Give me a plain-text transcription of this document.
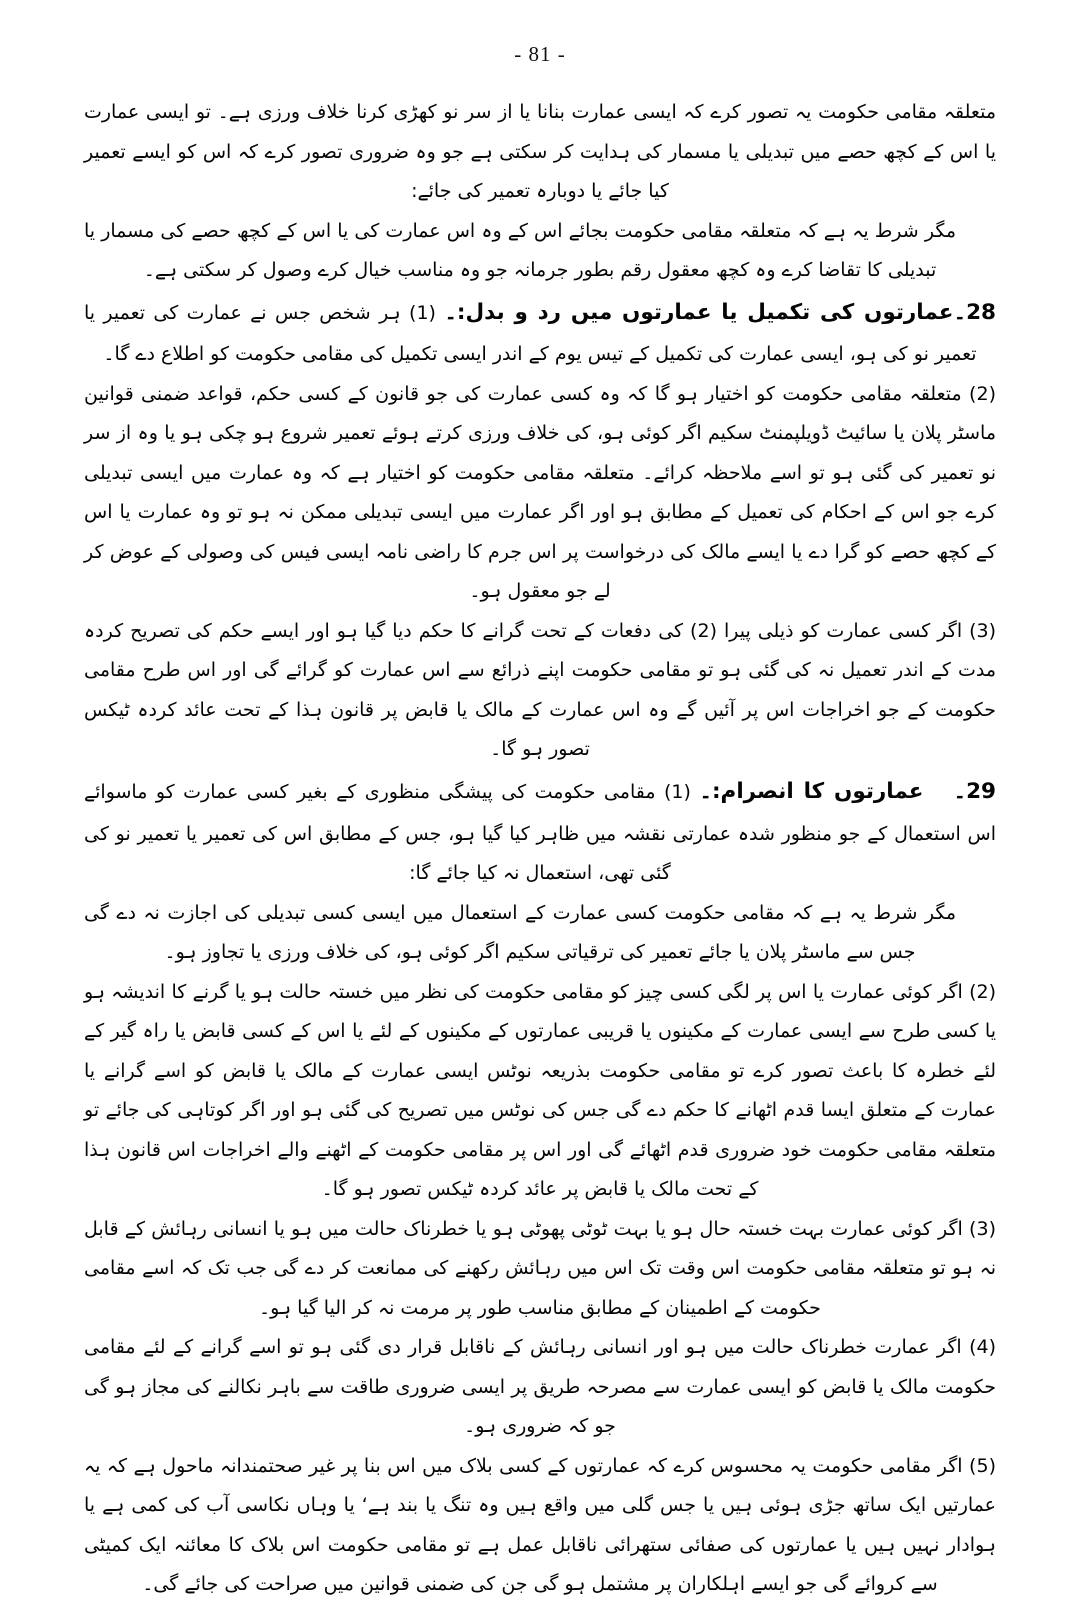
- 81 -

متعلقہ مقامی حکومت یہ تصور کرے کہ ایسی عمارت بنانا یا از سر نو کھڑی کرنا خلاف ورزی ہے۔ تو ایسی عمارت یا اس کے کچھ حصے میں تبدیلی یا مسمار کی ہدایت کر سکتی ہے جو وہ ضروری تصور کرے کہ اس کو ایسے تعمیر کیا جائے یا دوبارہ تعمیر کی جائے:

مگر شرط یہ ہے کہ متعلقہ مقامی حکومت بجائے اس کے وہ اس عمارت کی یا اس کے کچھ حصے کی مسمار یا تبدیلی کا تقاضا کرے وہ کچھ معقول رقم بطور جرمانہ جو وہ مناسب خیال کرے وصول کر سکتی ہے۔

28۔عمارتوں کی تکمیل یا عمارتوں میں رد و بدل:۔ (1) ہر شخص جس نے عمارت کی تعمیر یا تعمیر نو کی ہو، ایسی عمارت کی تکمیل کے تیس یوم کے اندر ایسی تکمیل کی مقامی حکومت کو اطلاع دے گا۔

(2) متعلقہ مقامی حکومت کو اختیار ہو گا کہ وہ کسی عمارت کی جو قانون کے کسی حکم، قواعد ضمنی قوانین ماسٹر پلان یا سائیٹ ڈویلپمنٹ سکیم اگر کوئی ہو، کی خلاف ورزی کرتے ہوئے تعمیر شروع ہو چکی ہو یا وہ از سر نو تعمیر کی گئی ہو تو اسے ملاحظہ کرائے۔ متعلقہ مقامی حکومت کو اختیار ہے کہ وہ عمارت میں ایسی تبدیلی کرے جو اس کے احکام کی تعمیل کے مطابق ہو اور اگر عمارت میں ایسی تبدیلی ممکن نہ ہو تو وہ عمارت یا اس کے کچھ حصے کو گرا دے یا ایسے مالک کی درخواست پر اس جرم کا راضی نامہ ایسی فیس کی وصولی کے عوض کر لے جو معقول ہو۔

(3) اگر کسی عمارت کو ذیلی پیرا (2) کی دفعات کے تحت گرانے کا حکم دیا گیا ہو اور ایسے حکم کی تصریح کردہ مدت کے اندر تعمیل نہ کی گئی ہو تو مقامی حکومت اپنے ذرائع سے اس عمارت کو گرائے گی اور اس طرح مقامی حکومت کے جو اخراجات اس پر آئیں گے وہ اس عمارت کے مالک یا قابض پر قانون ہذا کے تحت عائد کردہ ٹیکس تصور ہو گا۔

29۔عمارتوں کا انصرام:۔ (1) مقامی حکومت کی پیشگی منظوری کے بغیر کسی عمارت کو ماسوائے اس استعمال کے جو منظور شدہ عمارتی نقشہ میں ظاہر کیا گیا ہو، جس کے مطابق اس کی تعمیر یا تعمیر نو کی گئی تھی، استعمال نہ کیا جائے گا:

مگر شرط یہ ہے کہ مقامی حکومت کسی عمارت کے استعمال میں ایسی کسی تبدیلی کی اجازت نہ دے گی جس سے ماسٹر پلان یا جائے تعمیر کی ترقیاتی سکیم اگر کوئی ہو، کی خلاف ورزی یا تجاوز ہو۔

(2) اگر کوئی عمارت یا اس پر لگی کسی چیز کو مقامی حکومت کی نظر میں خستہ حالت ہو یا گرنے کا اندیشہ ہو یا کسی طرح سے ایسی عمارت کے مکینوں یا قریبی عمارتوں کے مکینوں کے لئے یا اس کے کسی قابض یا راہ گیر کے لئے خطرہ کا باعث تصور کرے تو مقامی حکومت بذریعہ نوٹس ایسی عمارت کے مالک یا قابض کو اسے گرانے یا عمارت کے متعلق ایسا قدم اٹھانے کا حکم دے گی جس کی نوٹس میں تصریح کی گئی ہو اور اگر کوتاہی کی جائے تو متعلقہ مقامی حکومت خود ضروری قدم اٹھائے گی اور اس پر مقامی حکومت کے اٹھنے والے اخراجات اس قانون ہذا کے تحت مالک یا قابض پر عائد کردہ ٹیکس تصور ہو گا۔

(3) اگر کوئی عمارت بہت خستہ حال ہو یا بہت ٹوٹی پھوٹی ہو یا خطرناک حالت میں ہو یا انسانی رہائش کے قابل نہ ہو تو متعلقہ مقامی حکومت اس وقت تک اس میں رہائش رکھنے کی ممانعت کر دے گی جب تک کہ اسے مقامی حکومت کے اطمینان کے مطابق مناسب طور پر مرمت نہ کر الیا گیا ہو۔

(4) اگر عمارت خطرناک حالت میں ہو اور انسانی رہائش کے ناقابل قرار دی گئی ہو تو اسے گرانے کے لئے مقامی حکومت مالک یا قابض کو ایسی عمارت سے مصرحہ طریق پر ایسی ضروری طاقت سے باہر نکالنے کی مجاز ہو گی جو کہ ضروری ہو۔

(5) اگر مقامی حکومت یہ محسوس کرے کہ عمارتوں کے کسی بلاک میں اس بنا پر غیر صحتمندانہ ماحول ہے کہ یہ عمارتیں ایک ساتھ جڑی ہوئی ہیں یا جس گلی میں واقع ہیں وہ تنگ یا بند ہے‘ یا وہاں نکاسی آب کی کمی ہے یا ہوادار نہیں ہیں یا عمارتوں کی صفائی ستھرائی ناقابل عمل ہے تو مقامی حکومت اس بلاک کا معائنہ ایک کمیٹی سے کروائے گی جو ایسے اہلکاران پر مشتمل ہو گی جن کی ضمنی قوانین میں صراحت کی جائے گی۔
